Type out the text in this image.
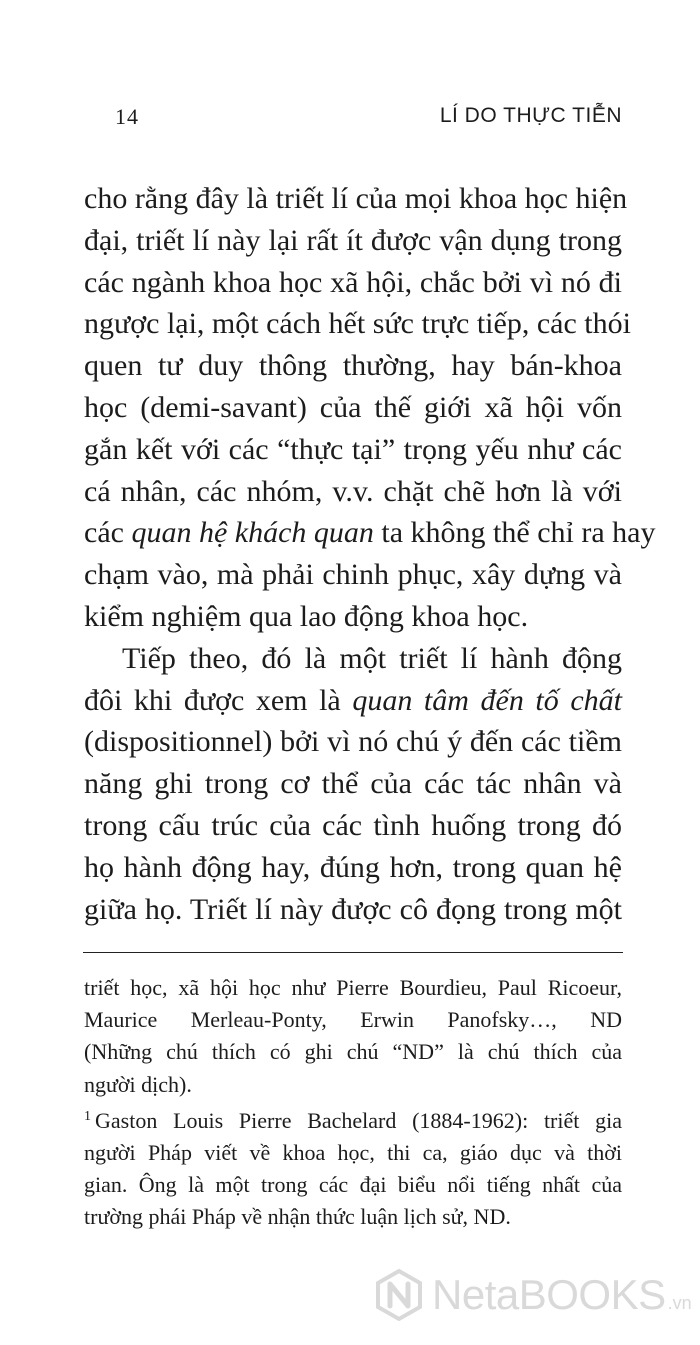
14	LÍ DO THỰC TIỄN
cho rằng đây là triết lí của mọi khoa học hiện
đại, triết lí này lại rất ít được vận dụng trong
các ngành khoa học xã hội, chắc bởi vì nó đi
ngược lại, một cách hết sức trực tiếp, các thói
quen tư duy thông thường, hay bán-khoa
học (demi-savant) của thế giới xã hội vốn
gắn kết với các “thực tại” trọng yếu như các
cá nhân, các nhóm, v.v. chặt chẽ hơn là với
các quan hệ khách quan ta không thể chỉ ra hay
chạm vào, mà phải chinh phục, xây dựng và
kiểm nghiệm qua lao động khoa học.
Tiếp theo, đó là một triết lí hành động
đôi khi được xem là quan tâm đến tố chất
(dispositionnel) bởi vì nó chú ý đến các tiềm
năng ghi trong cơ thể của các tác nhân và
trong cấu trúc của các tình huống trong đó
họ hành động hay, đúng hơn, trong quan hệ
giữa họ. Triết lí này được cô đọng trong một
triết học, xã hội học như Pierre Bourdieu, Paul Ricoeur,
Maurice Merleau-Ponty, Erwin Panofsky…, ND
(Những chú thích có ghi chú “ND” là chú thích của
người dịch).
$^1$ Gaston Louis Pierre Bachelard (1884-1962): triết gia
người Pháp viết về khoa học, thi ca, giáo dục và thời
gian. Ông là một trong các đại biểu nổi tiếng nhất của
trường phái Pháp về nhận thức luận lịch sử, ND.
NetaBOOKS .vn
